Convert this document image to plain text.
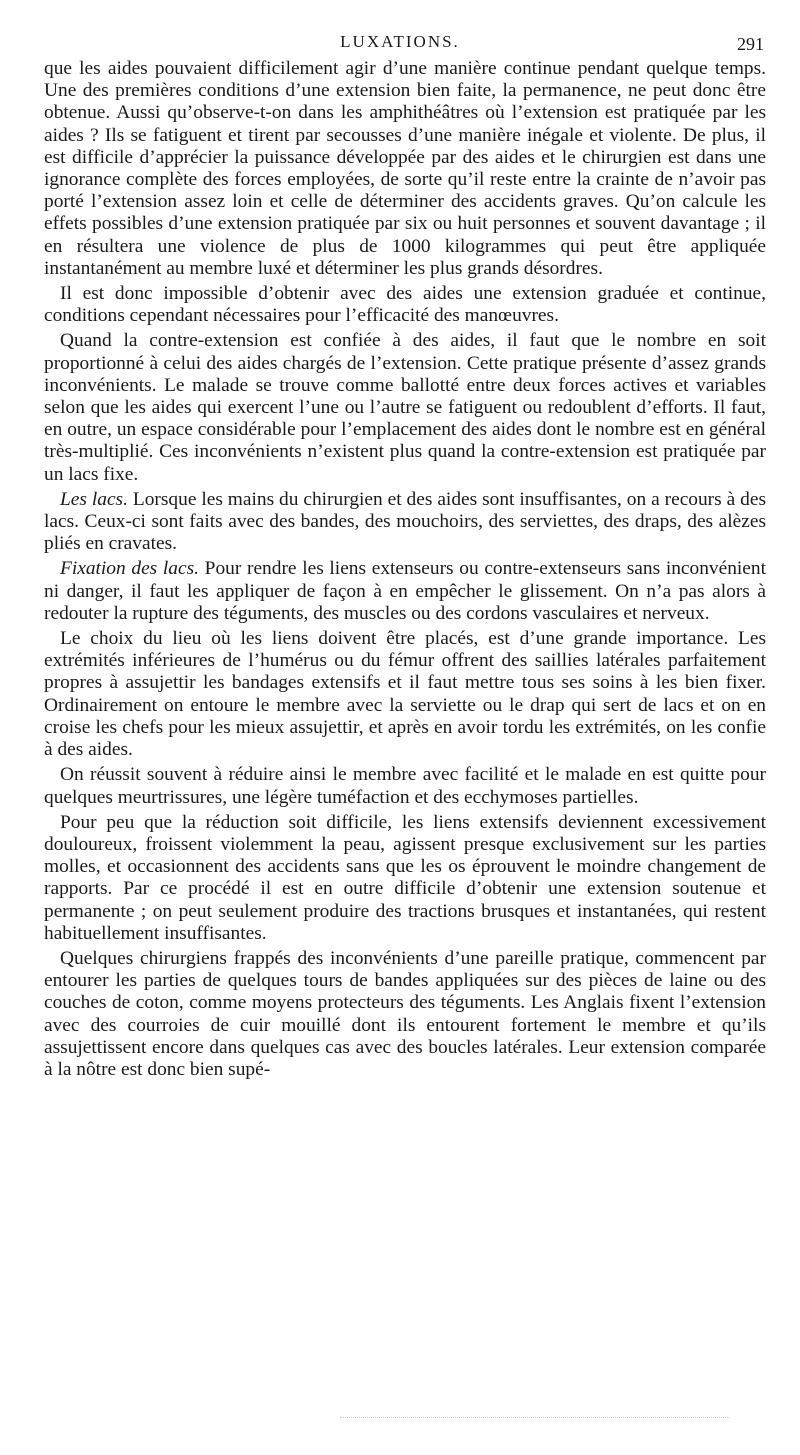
LUXATIONS.	291

que les aides pouvaient difficilement agir d’une manière continue pendant quelque temps. Une des premières conditions d’une extension bien faite, la permanence, ne peut donc être obtenue. Aussi qu’observe-t-on dans les amphithéâtres où l’extension est pratiquée par les aides ? Ils se fatiguent et tirent par secousses d’une manière inégale et violente. De plus, il est difficile d’apprécier la puissance développée par des aides et le chirurgien est dans une ignorance complète des forces employées, de sorte qu’il reste entre la crainte de n’avoir pas porté l’extension assez loin et celle de déterminer des accidents graves. Qu’on calcule les effets possibles d’une extension pratiquée par six ou huit personnes et souvent davantage ; il en résultera une violence de plus de 1000 kilogrammes qui peut être appliquée instantanément au membre luxé et déterminer les plus grands désordres.

Il est donc impossible d’obtenir avec des aides une extension graduée et continue, conditions cependant nécessaires pour l’efficacité des manœuvres.

Quand la contre-extension est confiée à des aides, il faut que le nombre en soit proportionné à celui des aides chargés de l’extension. Cette pratique présente d’assez grands inconvénients. Le malade se trouve comme ballotté entre deux forces actives et variables selon que les aides qui exercent l’une ou l’autre se fatiguent ou redoublent d’efforts. Il faut, en outre, un espace considérable pour l’emplacement des aides dont le nombre est en général très-multiplié. Ces inconvénients n’existent plus quand la contre-extension est pratiquée par un lacs fixe.

Les lacs. Lorsque les mains du chirurgien et des aides sont insuffisantes, on a recours à des lacs. Ceux-ci sont faits avec des bandes, des mouchoirs, des serviettes, des draps, des alèzes pliés en cravates.

Fixation des lacs. Pour rendre les liens extenseurs ou contre-extenseurs sans inconvénient ni danger, il faut les appliquer de façon à en empêcher le glissement. On n’a pas alors à redouter la rupture des téguments, des muscles ou des cordons vasculaires et nerveux.

Le choix du lieu où les liens doivent être placés, est d’une grande importance. Les extrémités inférieures de l’humérus ou du fémur offrent des saillies latérales parfaitement propres à assujettir les bandages extensifs et il faut mettre tous ses soins à les bien fixer. Ordinairement on entoure le membre avec la serviette ou le drap qui sert de lacs et on en croise les chefs pour les mieux assujettir, et après en avoir tordu les extrémités, on les confie à des aides.

On réussit souvent à réduire ainsi le membre avec facilité et le malade en est quitte pour quelques meurtrissures, une légère tuméfaction et des ecchymoses partielles.

Pour peu que la réduction soit difficile, les liens extensifs deviennent excessivement douloureux, froissent violemment la peau, agissent presque exclusivement sur les parties molles, et occasionnent des accidents sans que les os éprouvent le moindre changement de rapports. Par ce procédé il est en outre difficile d’obtenir une extension soutenue et permanente ; on peut seulement produire des tractions brusques et instantanées, qui restent habituellement insuffisantes.

Quelques chirurgiens frappés des inconvénients d’une pareille pratique, commencent par entourer les parties de quelques tours de bandes appliquées sur des pièces de laine ou des couches de coton, comme moyens protecteurs des téguments. Les Anglais fixent l’extension avec des courroies de cuir mouillé dont ils entourent fortement le membre et qu’ils assujettissent encore dans quelques cas avec des boucles latérales. Leur extension comparée à la nôtre est donc bien supé-
